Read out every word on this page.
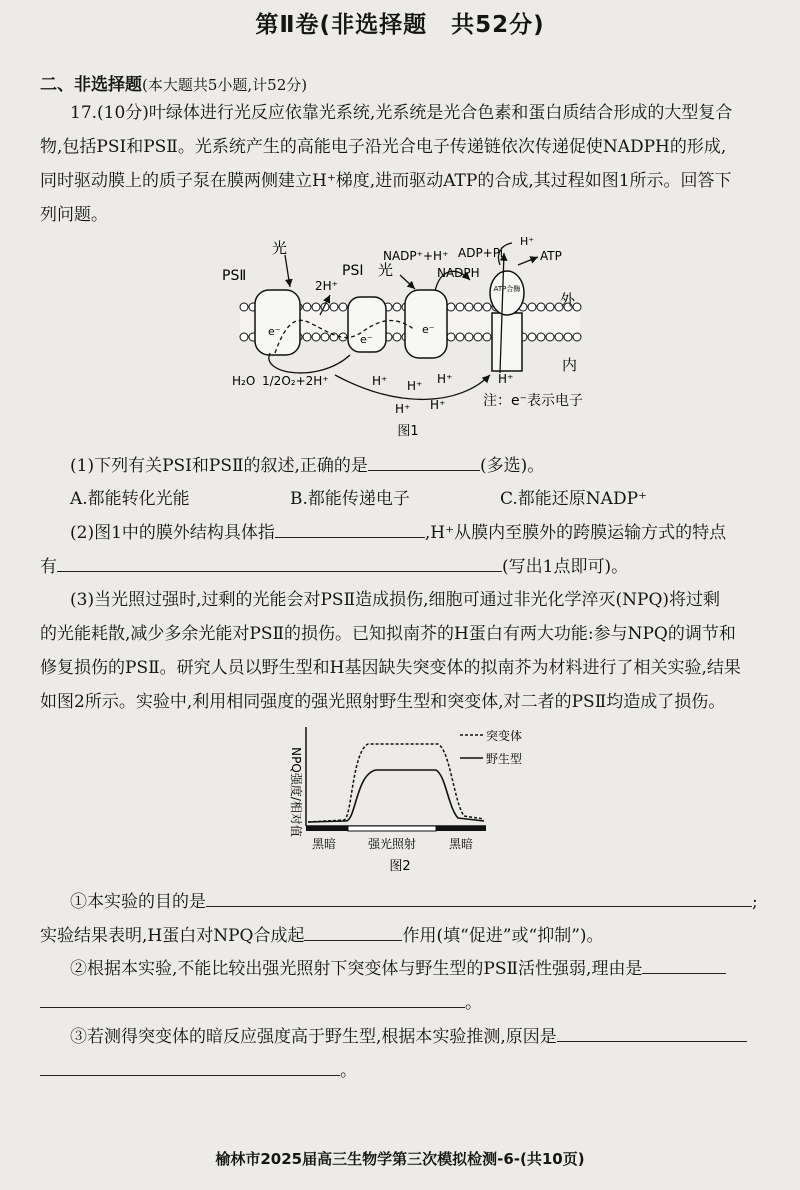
第Ⅱ卷(非选择题　共52分)
二、非选择题(本大题共5小题,计52分)
17.(10分)叶绿体进行光反应依靠光系统,光系统是光合色素和蛋白质结合形成的大型复合
物,包括PSⅠ和PSⅡ。光系统产生的高能电子沿光合电子传递链依次传递促使NADPH的形成,
同时驱动膜上的质子泵在膜两侧建立H⁺梯度,进而驱动ATP的合成,其过程如图1所示。回答下
列问题。
ATP合酶
PSⅡ
光
PSⅠ 光
2H⁺
NADP⁺+H⁺
NADPH
ADP+Pi
H⁺
ATP
外
内
e⁻
e⁻
e⁻
H₂O 1/2O₂+2H⁺	H⁺ H⁺ H⁺
H⁺ H⁺
H⁺
注：e⁻表示电子
图1
(1)下列有关PSⅠ和PSⅡ的叙述,正确的是	(多选)。
A.都能转化光能	B.都能传递电子	C.都能还原NADP⁺
(2)图1中的膜外结构具体指	,H⁺从膜内至膜外的跨膜运输方式的特点
有	(写出1点即可)。
(3)当光照过强时,过剩的光能会对PSⅡ造成损伤,细胞可通过非光化学淬灭(NPQ)将过剩
的光能耗散,减少多余光能对PSⅡ的损伤。已知拟南芥的H蛋白有两大功能:参与NPQ的调节和
修复损伤的PSⅡ。研究人员以野生型和H基因缺失突变体的拟南芥为材料进行了相关实验,结果
如图2所示。实验中,利用相同强度的强光照射野生型和突变体,对二者的PSⅡ均造成了损伤。
NPQ强度/相对值
突变体
野生型
黑暗	强光照射	黑暗
图2
①本实验的目的是	;
实验结果表明,H蛋白对NPQ合成起	作用(填“促进”或“抑制”)。
②根据本实验,不能比较出强光照射下突变体与野生型的PSⅡ活性强弱,理由是
。
③若测得突变体的暗反应强度高于野生型,根据本实验推测,原因是
。
榆林市2025届高三生物学第三次模拟检测-6-(共10页)
